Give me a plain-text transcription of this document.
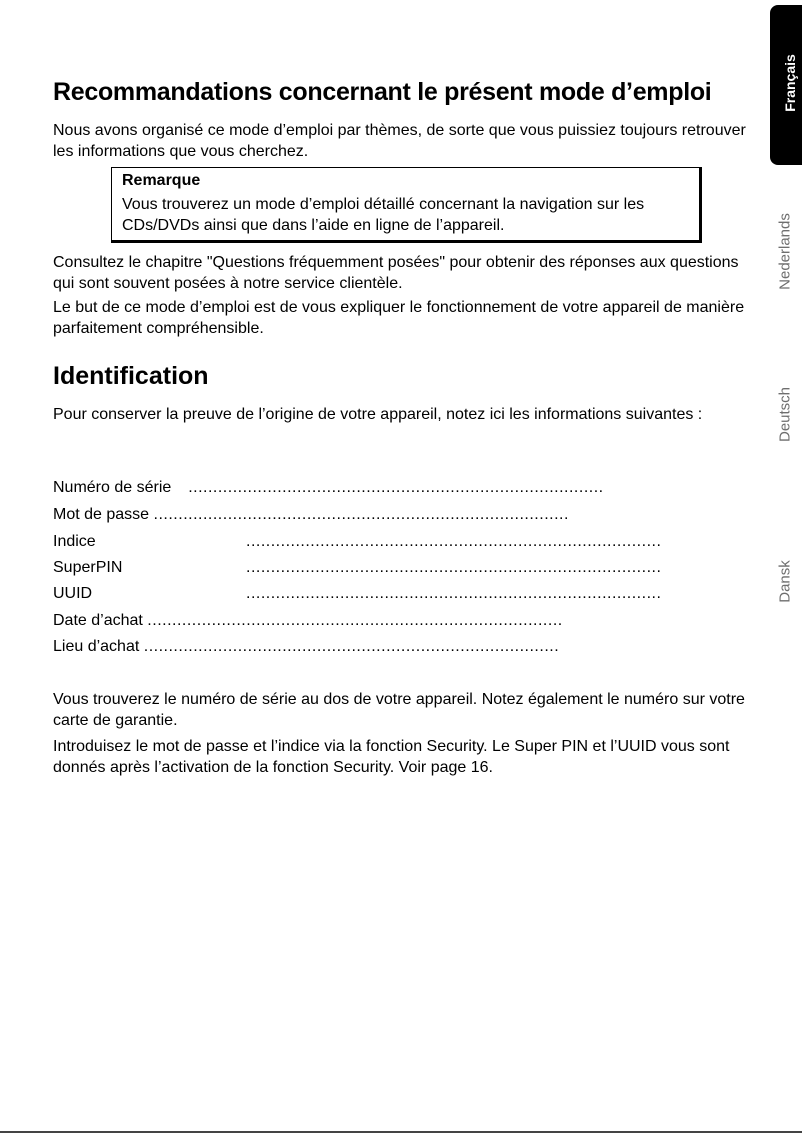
Français
Nederlands
Deutsch
Dansk
Recommandations concernant le présent mode d’emploi

Nous avons organisé ce mode d’emploi par thèmes, de sorte que vous puissiez toujours retrouver les informations que vous cherchez.

Remarque
Vous trouverez un mode d’emploi détaillé concernant la navigation sur les CDs/DVDs ainsi que dans l’aide en ligne de l’appareil.

Consultez le chapitre "Questions fréquemment posées" pour obtenir des réponses aux questions qui sont souvent posées à notre service clientèle.

Le but de ce mode d’emploi est de vous expliquer le fonctionnement de votre appareil de manière parfaitement compréhensible.

Identification

Pour conserver la preuve de l’origine de votre appareil, notez ici les informations suivantes :

Numéro de série ....................................................................................
Mot de passe ....................................................................................
Indice	....................................................................................
SuperPIN	....................................................................................
UUID	....................................................................................
Date d’achat ....................................................................................
Lieu d’achat ....................................................................................

Vous trouverez le numéro de série au dos de votre appareil. Notez également le numéro sur votre carte de garantie.

Introduisez le mot de passe et l’indice via la fonction Security. Le Super PIN et l’UUID vous sont donnés après l’activation de la fonction Security. Voir page 16.
